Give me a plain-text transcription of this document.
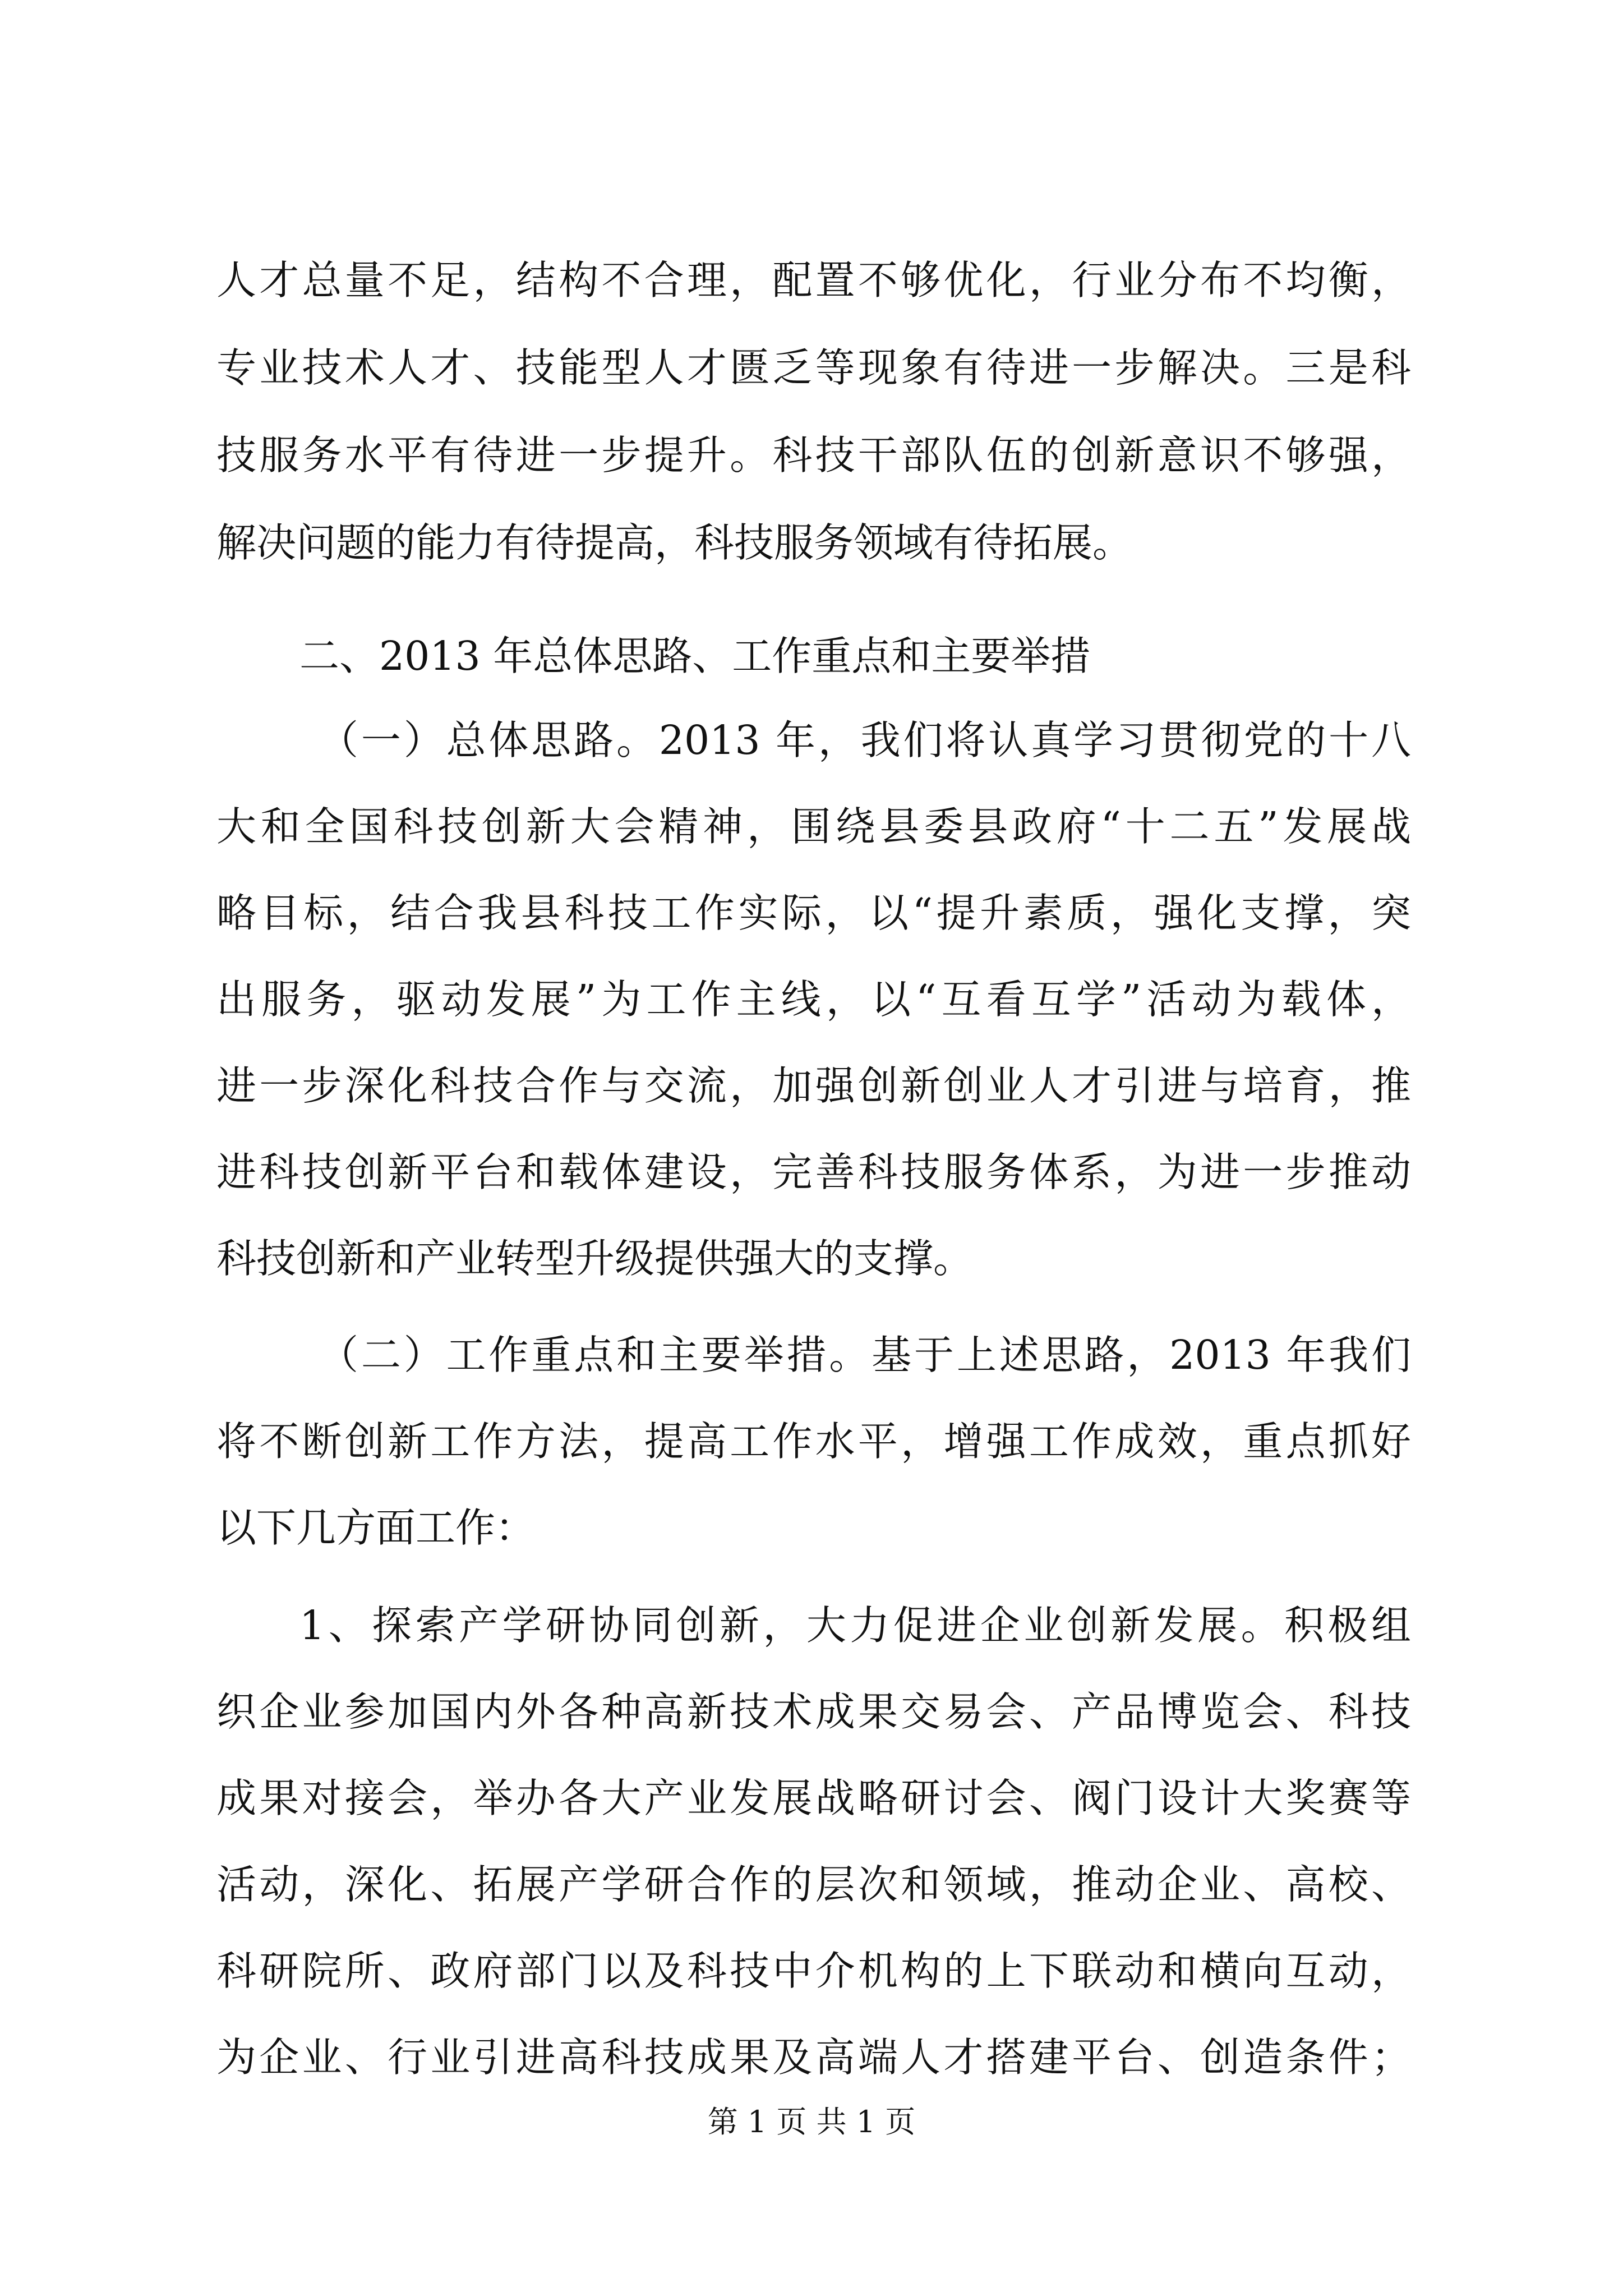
人才总量不足，结构不合理，配置不够优化，行业分布不均衡，
专业技术人才、技能型人才匮乏等现象有待进一步解决。三是科
技服务水平有待进一步提升。科技干部队伍的创新意识不够强，
解决问题的能力有待提高，科技服务领域有待拓展。
二、2013 年总体思路、工作重点和主要举措
（一）总体思路。2013 年，我们将认真学习贯彻党的十八
大和全国科技创新大会精神，围绕县委县政府“十二五”发展战
略目标，结合我县科技工作实际，以“提升素质，强化支撑，突
出服务，驱动发展”为工作主线，以“互看互学”活动为载体，
进一步深化科技合作与交流，加强创新创业人才引进与培育，推
进科技创新平台和载体建设，完善科技服务体系，为进一步推动
科技创新和产业转型升级提供强大的支撑。
（二）工作重点和主要举措。基于上述思路，2013 年我们
将不断创新工作方法，提高工作水平，增强工作成效，重点抓好
以下几方面工作：
1、探索产学研协同创新，大力促进企业创新发展。积极组
织企业参加国内外各种高新技术成果交易会、产品博览会、科技
成果对接会，举办各大产业发展战略研讨会、阀门设计大奖赛等
活动，深化、拓展产学研合作的层次和领域，推动企业、高校、
科研院所、政府部门以及科技中介机构的上下联动和横向互动，
为企业、行业引进高科技成果及高端人才搭建平台、创造条件；
第 1 页 共 1 页
